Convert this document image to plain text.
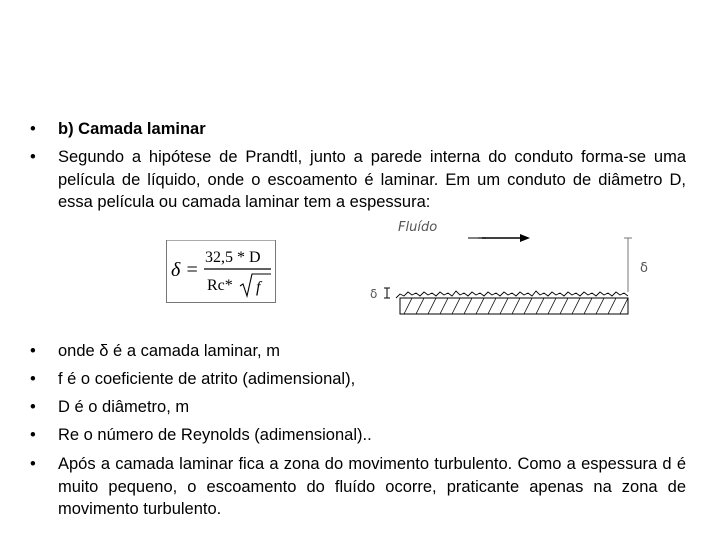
•	b) Camada laminar
•	Segundo a hipótese de Prandtl, junto a parede interna do conduto forma-se uma película de líquido, onde o escoamento é laminar. Em um conduto de diâmetro D, essa película ou camada laminar tem a espessura:
δ =
32,5 * D
Rc* f
Fluído
δ
δ
•	onde δ é a camada laminar, m
•	f é o coeficiente de atrito (adimensional),
•	D é o diâmetro, m
•	Re o número de Reynolds (adimensional)..
•	Após a camada laminar fica a zona do movimento turbulento. Como a espessura d é muito pequeno, o escoamento do fluído ocorre, praticante apenas na zona de movimento turbulento.
